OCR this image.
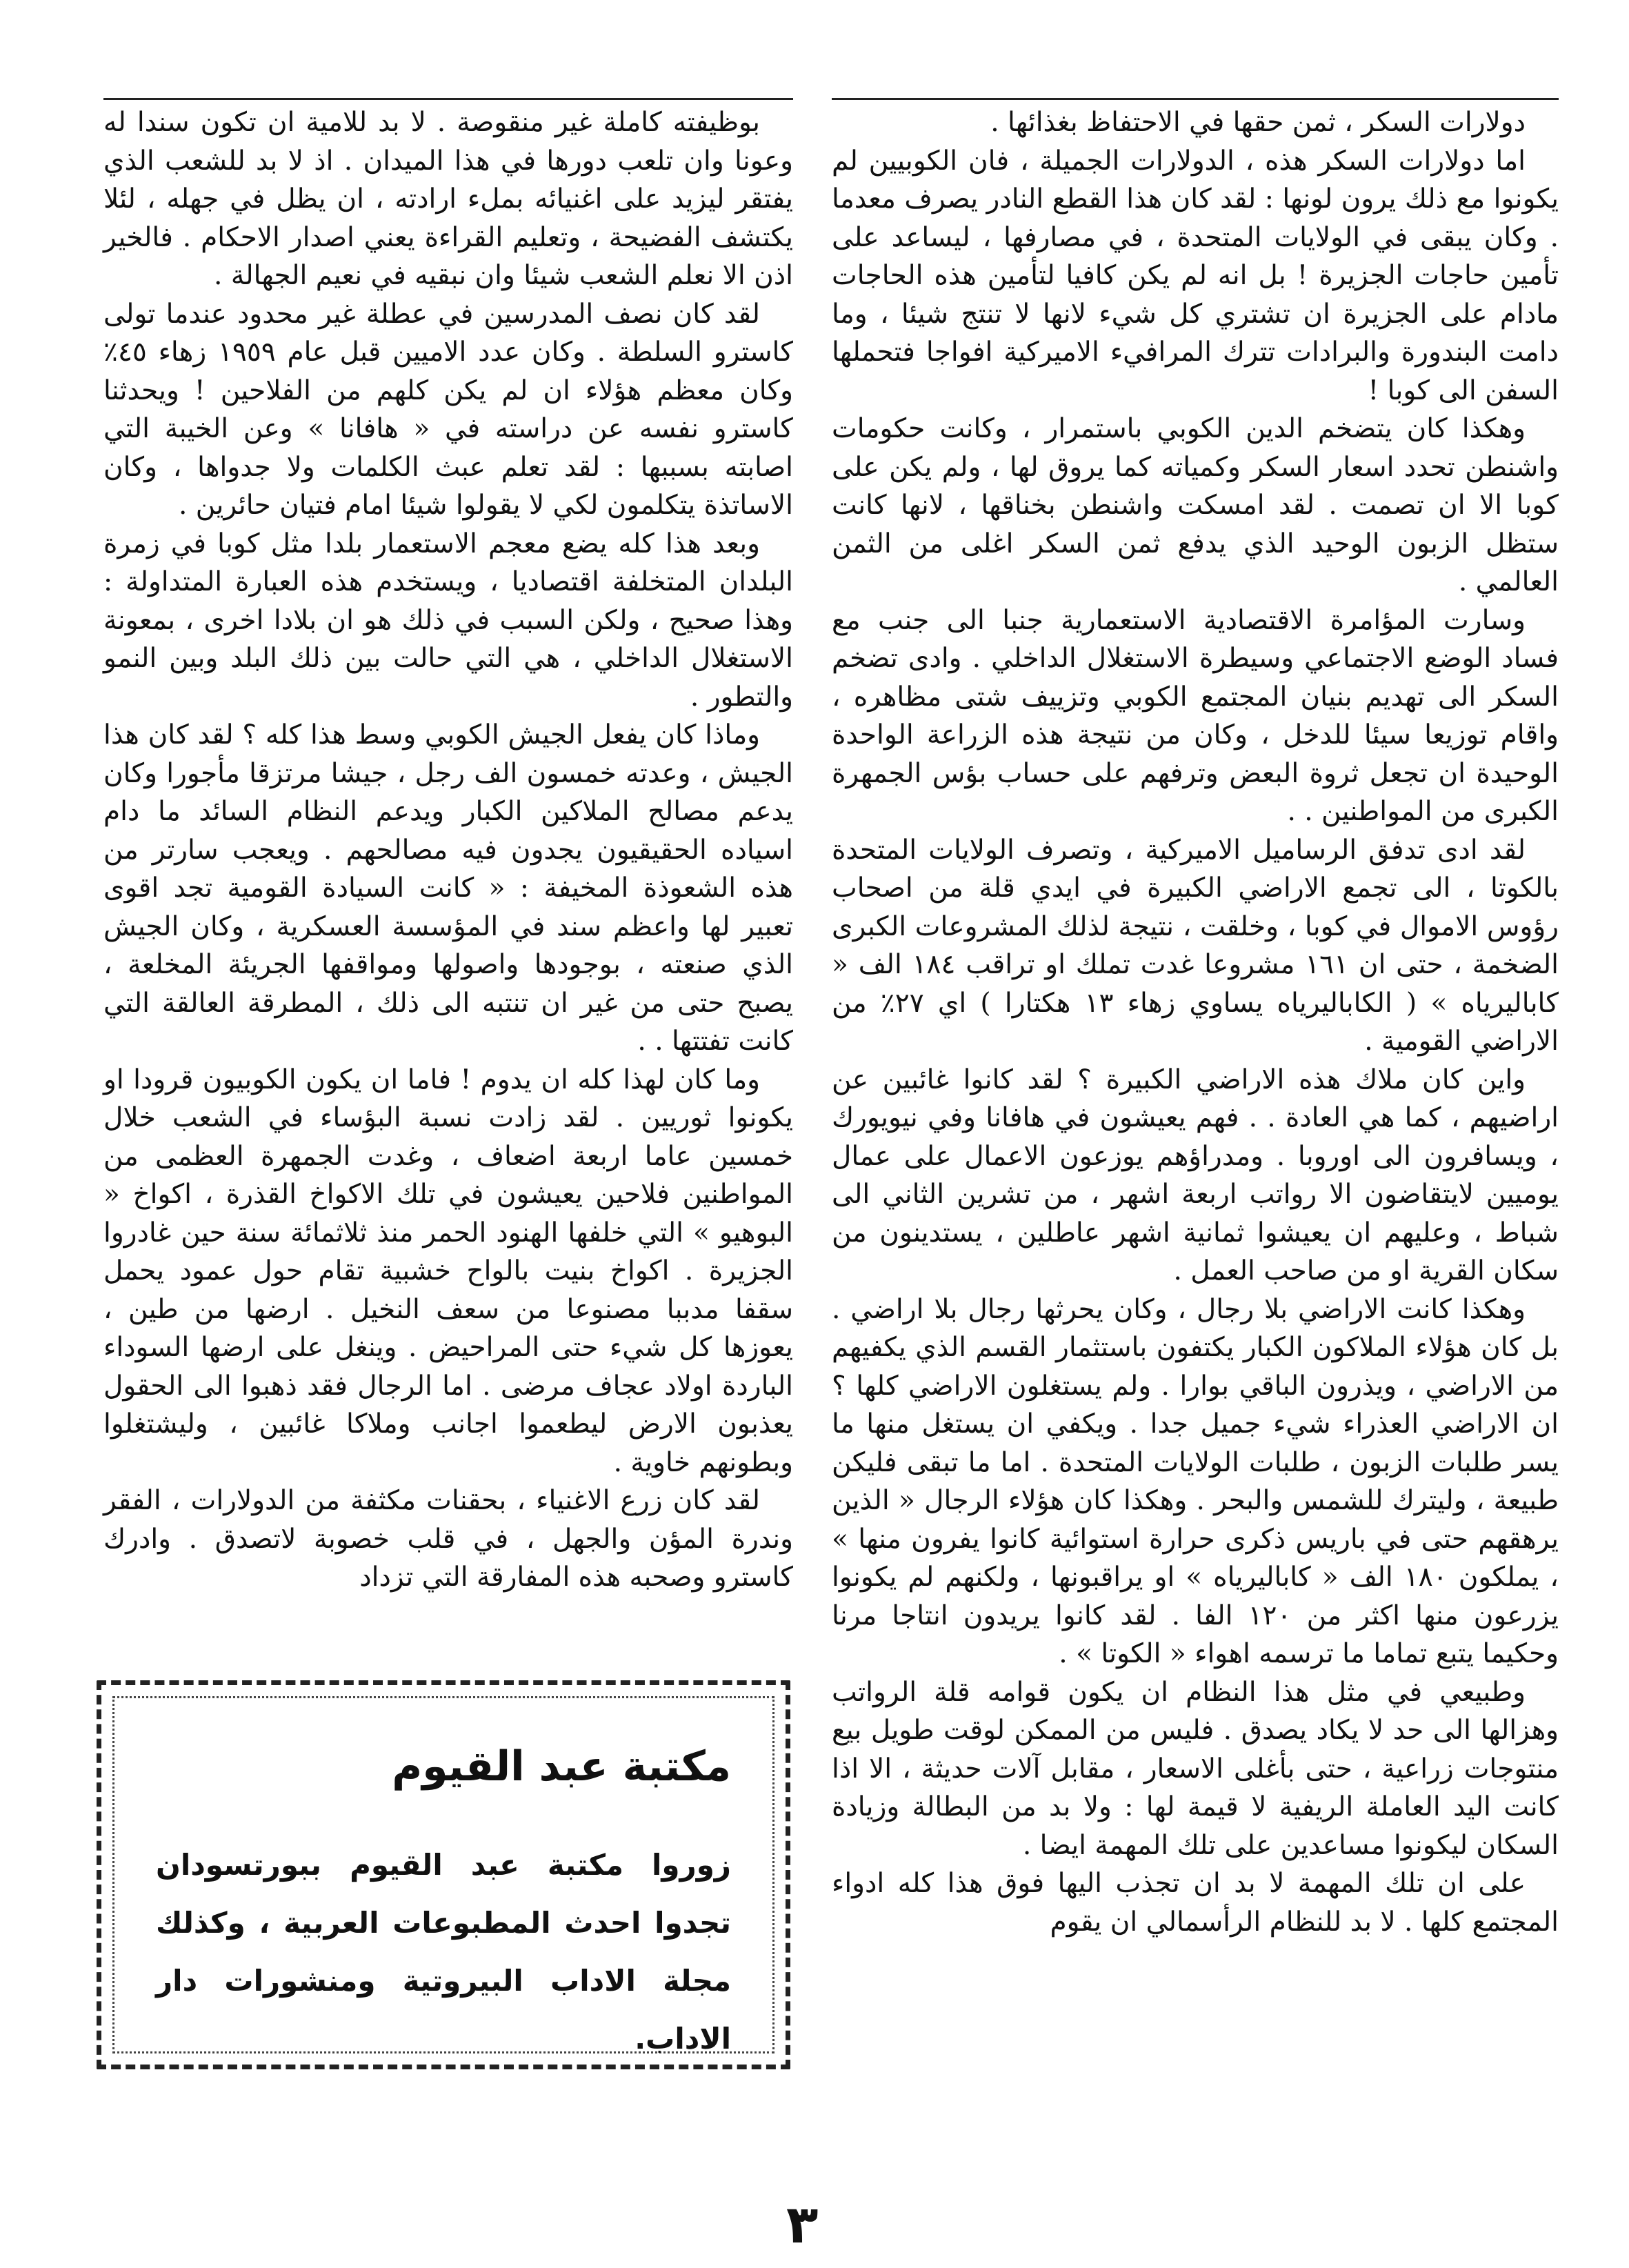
دولارات السكر ، ثمن حقها في الاحتفاظ بغذائها .

اما دولارات السكر هذه ، الدولارات الجميلة ، فان الكوبيين لم يكونوا مع ذلك يرون لونها : لقد كان هذا القطع النادر يصرف معدما . وكان يبقى في الولايات المتحدة ، في مصارفها ، ليساعد على تأمين حاجات الجزيرة ! بل انه لم يكن كافيا لتأمين هذه الحاجات مادام على الجزيرة ان تشتري كل شيء لانها لا تنتج شيئا ، وما دامت البندورة والبرادات تترك المرافيء الاميركية افواجا فتحملها السفن الى كوبا !

وهكذا كان يتضخم الدين الكوبي باستمرار ، وكانت حكومات واشنطن تحدد اسعار السكر وكمياته كما يروق لها ، ولم يكن على كوبا الا ان تصمت . لقد امسكت واشنطن بخناقها ، لانها كانت ستظل الزبون الوحيد الذي يدفع ثمن السكر اغلى من الثمن العالمي .

وسارت المؤامرة الاقتصادية الاستعمارية جنبا الى جنب مع فساد الوضع الاجتماعي وسيطرة الاستغلال الداخلي . وادى تضخم السكر الى تهديم بنيان المجتمع الكوبي وتزييف شتى مظاهره ، واقام توزيعا سيئا للدخل ، وكان من نتيجة هذه الزراعة الواحدة الوحيدة ان تجعل ثروة البعض وترفهم على حساب بؤس الجمهرة الكبرى من المواطنين . .

لقد ادى تدفق الرساميل الاميركية ، وتصرف الولايات المتحدة بالكوتا ، الى تجمع الاراضي الكبيرة في ايدي قلة من اصحاب رؤوس الاموال في كوبا ، وخلقت ، نتيجة لذلك المشروعات الكبرى الضخمة ، حتى ان ١٦١ مشروعا غدت تملك او تراقب ١٨٤ الف « كاباليرياه » ( الكاباليرياه يساوي زهاء ١٣ هكتارا ) اي ٢٧٪ من الاراضي القومية .

واين كان ملاك هذه الاراضي الكبيرة ؟ لقد كانوا غائبين عن اراضيهم ، كما هي العادة . . فهم يعيشون في هافانا وفي نيويورك ، ويسافرون الى اوروبا . ومدراؤهم يوزعون الاعمال على عمال يوميين لايتقاضون الا رواتب اربعة اشهر ، من تشرين الثاني الى شباط ، وعليهم ان يعيشوا ثمانية اشهر عاطلين ، يستدينون من سكان القرية او من صاحب العمل .

وهكذا كانت الاراضي بلا رجال ، وكان يحرثها رجال بلا اراضي . بل كان هؤلاء الملاكون الكبار يكتفون باستثمار القسم الذي يكفيهم من الاراضي ، ويذرون الباقي بوارا . ولم يستغلون الاراضي كلها ؟ ان الاراضي العذراء شيء جميل جدا . ويكفي ان يستغل منها ما يسر طلبات الزبون ، طلبات الولايات المتحدة . اما ما تبقى فليكن طبيعة ، وليترك للشمس والبحر . وهكذا كان هؤلاء الرجال « الذين يرهقهم حتى في باريس ذكرى حرارة استوائية كانوا يفرون منها » ، يملكون ١٨٠ الف « كاباليرياه » او يراقبونها ، ولكنهم لم يكونوا يزرعون منها اكثر من ١٢٠ الفا . لقد كانوا يريدون انتاجا مرنا وحكيما يتبع تماما ما ترسمه اهواء « الكوتا » .

وطبيعي في مثل هذا النظام ان يكون قوامه قلة الرواتب وهزالها الى حد لا يكاد يصدق . فليس من الممكن لوقت طويل بيع منتوجات زراعية ، حتى بأغلى الاسعار ، مقابل آلات حديثة ، الا اذا كانت اليد العاملة الريفية لا قيمة لها : ولا بد من البطالة وزيادة السكان ليكونوا مساعدين على تلك المهمة ايضا .

على ان تلك المهمة لا بد ان تجذب اليها فوق هذا كله ادواء المجتمع كلها . لا بد للنظام الرأسمالي ان يقوم

بوظيفته كاملة غير منقوصة . لا بد للامية ان تكون سندا له وعونا وان تلعب دورها في هذا الميدان . اذ لا بد للشعب الذي يفتقر ليزيد على اغنيائه بملء ارادته ، ان يظل في جهله ، لئلا يكتشف الفضيحة ، وتعليم القراءة يعني اصدار الاحكام . فالخير اذن الا نعلم الشعب شيئا وان نبقيه في نعيم الجهالة .

لقد كان نصف المدرسين في عطلة غير محدود عندما تولى كاسترو السلطة . وكان عدد الاميين قبل عام ١٩٥٩ زهاء ٤٥٪ وكان معظم هؤلاء ان لم يكن كلهم من الفلاحين ! ويحدثنا كاسترو نفسه عن دراسته في « هافانا » وعن الخيبة التي اصابته بسببها : لقد تعلم عبث الكلمات ولا جدواها ، وكان الاساتذة يتكلمون لكي لا يقولوا شيئا امام فتيان حائرين .

وبعد هذا كله يضع معجم الاستعمار بلدا مثل كوبا في زمرة البلدان المتخلفة اقتصاديا ، ويستخدم هذه العبارة المتداولة : وهذا صحيح ، ولكن السبب في ذلك هو ان بلادا اخرى ، بمعونة الاستغلال الداخلي ، هي التي حالت بين ذلك البلد وبين النمو والتطور .

وماذا كان يفعل الجيش الكوبي وسط هذا كله ؟ لقد كان هذا الجيش ، وعدته خمسون الف رجل ، جيشا مرتزقا مأجورا وكان يدعم مصالح الملاكين الكبار ويدعم النظام السائد ما دام اسياده الحقيقيون يجدون فيه مصالحهم . ويعجب سارتر من هذه الشعوذة المخيفة : « كانت السيادة القومية تجد اقوى تعبير لها واعظم سند في المؤسسة العسكرية ، وكان الجيش الذي صنعته ، بوجودها واصولها ومواقفها الجريئة المخلعة ، يصبح حتى من غير ان تنتبه الى ذلك ، المطرقة العالقة التي كانت تفتتها . .

وما كان لهذا كله ان يدوم ! فاما ان يكون الكوبيون قرودا او يكونوا ثوريين . لقد زادت نسبة البؤساء في الشعب خلال خمسين عاما اربعة اضعاف ، وغدت الجمهرة العظمى من المواطنين فلاحين يعيشون في تلك الاكواخ القذرة ، اكواخ « البوهيو » التي خلفها الهنود الحمر منذ ثلاثمائة سنة حين غادروا الجزيرة . اكواخ بنيت بالواح خشبية تقام حول عمود يحمل سقفا مدببا مصنوعا من سعف النخيل . ارضها من طين ، يعوزها كل شيء حتى المراحيض . وينغل على ارضها السوداء الباردة اولاد عجاف مرضى . اما الرجال فقد ذهبوا الى الحقول يعذبون الارض ليطعموا اجانب وملاكا غائبين ، وليشتغلوا وبطونهم خاوية .

لقد كان زرع الاغنياء ، بحقنات مكثفة من الدولارات ، الفقر وندرة المؤن والجهل ، في قلب خصوبة لاتصدق . وادرك كاسترو وصحبه هذه المفارقة التي تزداد

مكتبة عبد القيوم
زوروا مكتبة عبد القيوم ببورتسودان تجدوا احدث المطبوعات العربية ، وكذلك مجلة الاداب البيروتية ومنشورات دار الاداب.
٣
